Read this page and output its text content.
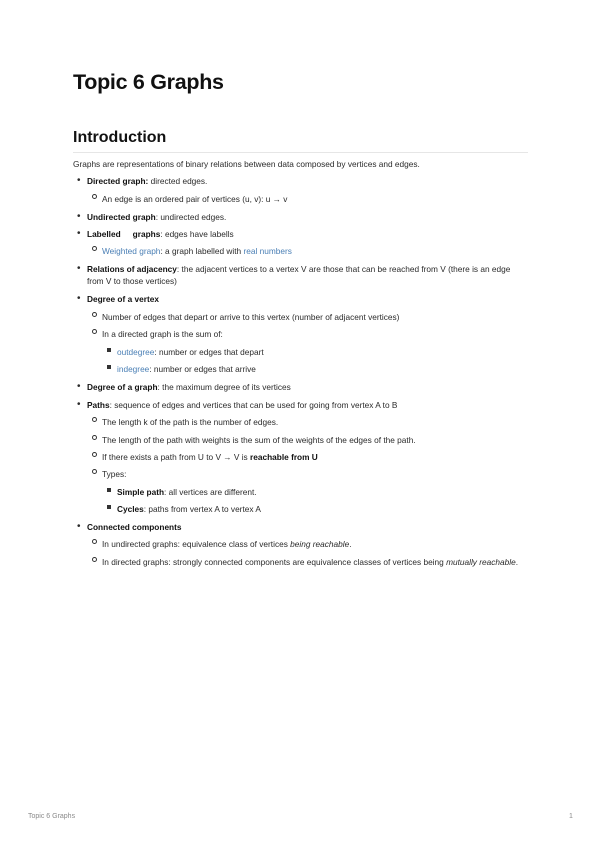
Topic 6 Graphs
Introduction
Graphs are representations of binary relations between data composed by vertices and edges.
•
Directed graph: directed edges.
An edge is an ordered pair of vertices (u, v): u → v
•
Undirected graph: undirected edges.
•
Labelled graphs: edges have labells
Weighted graph: a graph labelled with real numbers
•
Relations of adjacency: the adjacent vertices to a vertex V are those that can be reached from V (there is an edge from V to those vertices)
•
Degree of a vertex
Number of edges that depart or arrive to this vertex (number of adjacent vertices)
In a directed graph is the sum of:
outdegree: number or edges that depart
indegree: number or edges that arrive
•
Degree of a graph: the maximum degree of its vertices
•
Paths: sequence of edges and vertices that can be used for going from vertex A to B
The length k of the path is the number of edges.
The length of the path with weights is the sum of the weights of the edges of the path.
If there exists a path from U to V → V is reachable from U
Types:
Simple path: all vertices are different.
Cycles: paths from vertex A to vertex A
•
Connected components
In undirected graphs: equivalence class of vertices being reachable.
In directed graphs: strongly connected components are equivalence classes of vertices being mutually reachable.
Topic 6 Graphs	1
